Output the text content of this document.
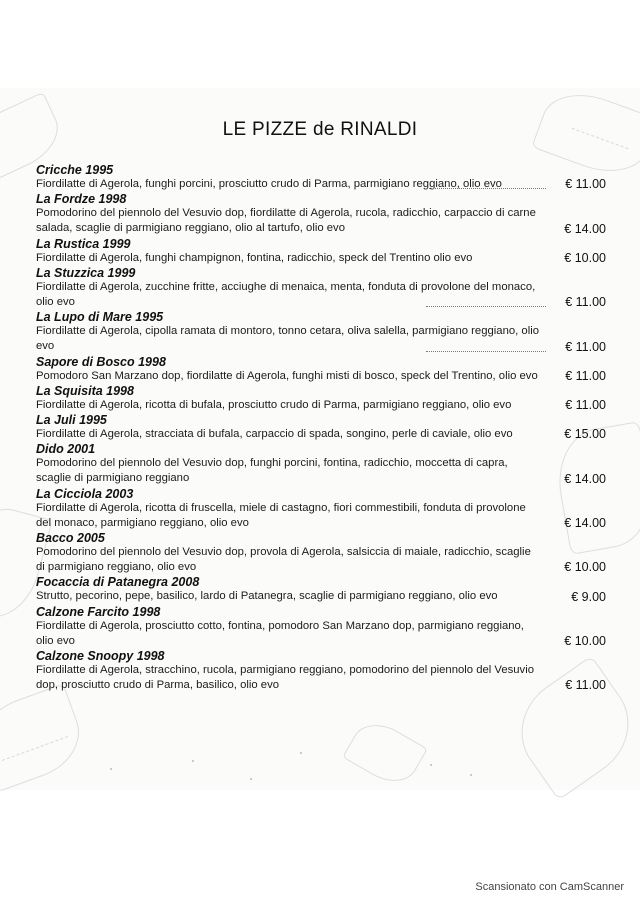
LE PIZZE de RINALDI
Cricche 1995
Fiordilatte di Agerola, funghi porcini, prosciutto crudo di Parma, parmigiano reggiano, olio evo	€ 11.00
La Fordze 1998
Pomodorino del piennolo del Vesuvio dop, fiordilatte di Agerola, rucola, radicchio, carpaccio di carne salada, scaglie di parmigiano reggiano, olio al tartufo, olio evo	€ 14.00
La Rustica 1999
Fiordilatte di Agerola, funghi champignon, fontina, radicchio, speck del Trentino olio evo	€ 10.00
La Stuzzica 1999
Fiordilatte di Agerola, zucchine fritte, acciughe di menaica, menta, fonduta di provolone del monaco, olio evo	€ 11.00
La Lupo di Mare 1995
Fiordilatte di Agerola, cipolla ramata di montoro, tonno cetara, oliva salella, parmigiano reggiano, olio evo	€ 11.00
Sapore di Bosco 1998
Pomodoro San Marzano dop, fiordilatte di Agerola, funghi misti di bosco, speck del Trentino, olio evo € 11.00
La Squisita 1998
Fiordilatte di Agerola, ricotta di bufala, prosciutto crudo di Parma, parmigiano reggiano, olio evo	€ 11.00
La Juli 1995
Fiordilatte di Agerola, stracciata di bufala, carpaccio di spada, songino, perle di caviale, olio evo	€ 15.00
Dido 2001
Pomodorino del piennolo del Vesuvio dop, funghi porcini, fontina, radicchio, moccetta di capra, scaglie di parmigiano reggiano	€ 14.00
La Cicciola 2003
Fiordilatte di Agerola, ricotta di fruscella, miele di castagno, fiori commestibili, fonduta di provolone del monaco, parmigiano reggiano, olio evo	€ 14.00
Bacco 2005
Pomodorino del piennolo del Vesuvio dop, provola di Agerola, salsiccia di maiale, radicchio, scaglie di parmigiano reggiano, olio evo	€ 10.00
Focaccia di Patanegra 2008
Strutto, pecorino, pepe, basilico, lardo di Patanegra, scaglie di parmigiano reggiano, olio evo	€ 9.00
Calzone Farcito 1998
Fiordilatte di Agerola, prosciutto cotto, fontina, pomodoro San Marzano dop, parmigiano reggiano, olio evo	€ 10.00
Calzone Snoopy 1998
Fiordilatte di Agerola, stracchino, rucola, parmigiano reggiano, pomodorino del piennolo del Vesuvio dop, prosciutto crudo di Parma, basilico, olio evo	€ 11.00
Scansionato con CamScanner
